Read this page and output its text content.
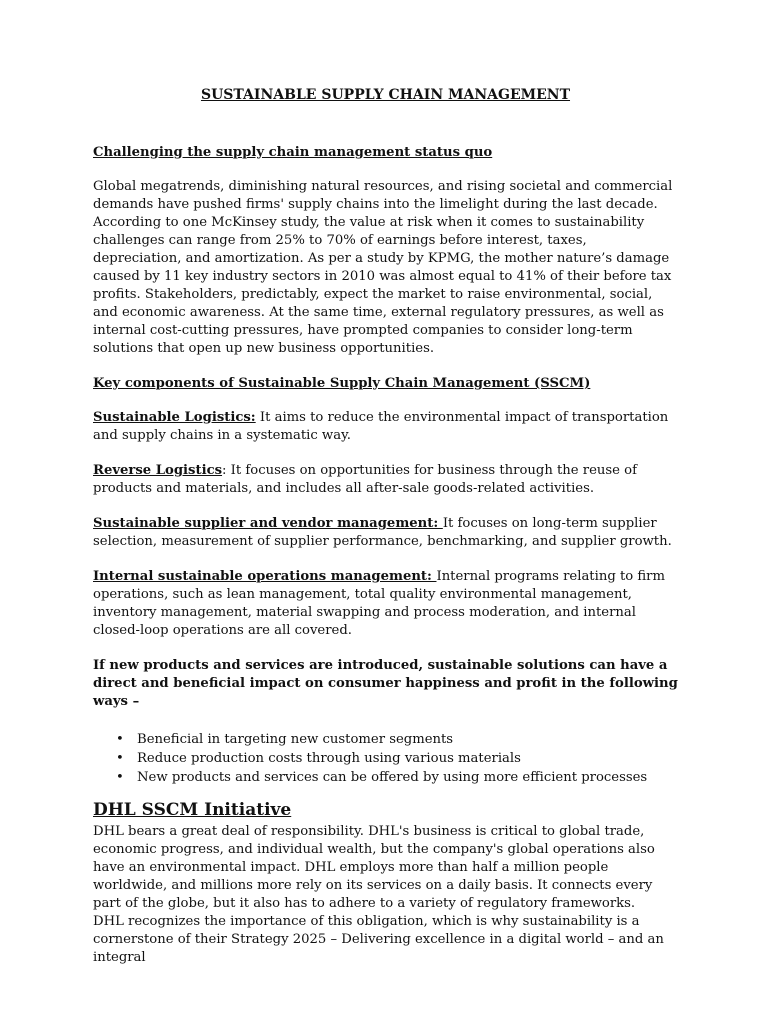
SUSTAINABLE SUPPLY CHAIN MANAGEMENT
Challenging the supply chain management status quo

Global megatrends, diminishing natural resources, and rising societal and commercial demands have pushed firms' supply chains into the limelight during the last decade. According to one McKinsey study, the value at risk when it comes to sustainability challenges can range from 25% to 70% of earnings before interest, taxes, depreciation, and amortization. As per a study by KPMG, the mother nature’s damage caused by 11 key industry sectors in 2010 was almost equal to 41% of their before tax profits. Stakeholders, predictably, expect the market to raise environmental, social, and economic awareness. At the same time, external regulatory pressures, as well as internal cost-cutting pressures, have prompted companies to consider long-term solutions that open up new business opportunities.

Key components of Sustainable Supply Chain Management (SSCM)

Sustainable Logistics: It aims to reduce the environmental impact of transportation and supply chains in a systematic way.

Reverse Logistics: It focuses on opportunities for business through the reuse of products and materials, and includes all after-sale goods-related activities.

Sustainable supplier and vendor management: It focuses on long-term supplier selection, measurement of supplier performance, benchmarking, and supplier growth.

Internal sustainable operations management: Internal programs relating to firm operations, such as lean management, total quality environmental management, inventory management, material swapping and process moderation, and internal closed-loop operations are all covered.

If new products and services are introduced, sustainable solutions can have a direct and beneficial impact on consumer happiness and profit in the following ways –
• Beneficial in targeting new customer segments
• Reduce production costs through using various materials
• New products and services can be offered by using more efficient processes
DHL SSCM Initiative

DHL bears a great deal of responsibility. DHL's business is critical to global trade, economic progress, and individual wealth, but the company's global operations also have an environmental impact. DHL employs more than half a million people worldwide, and millions more rely on its services on a daily basis. It connects every part of the globe, but it also has to adhere to a variety of regulatory frameworks.

DHL recognizes the importance of this obligation, which is why sustainability is a cornerstone of their Strategy 2025 – Delivering excellence in a digital world – and an integral
